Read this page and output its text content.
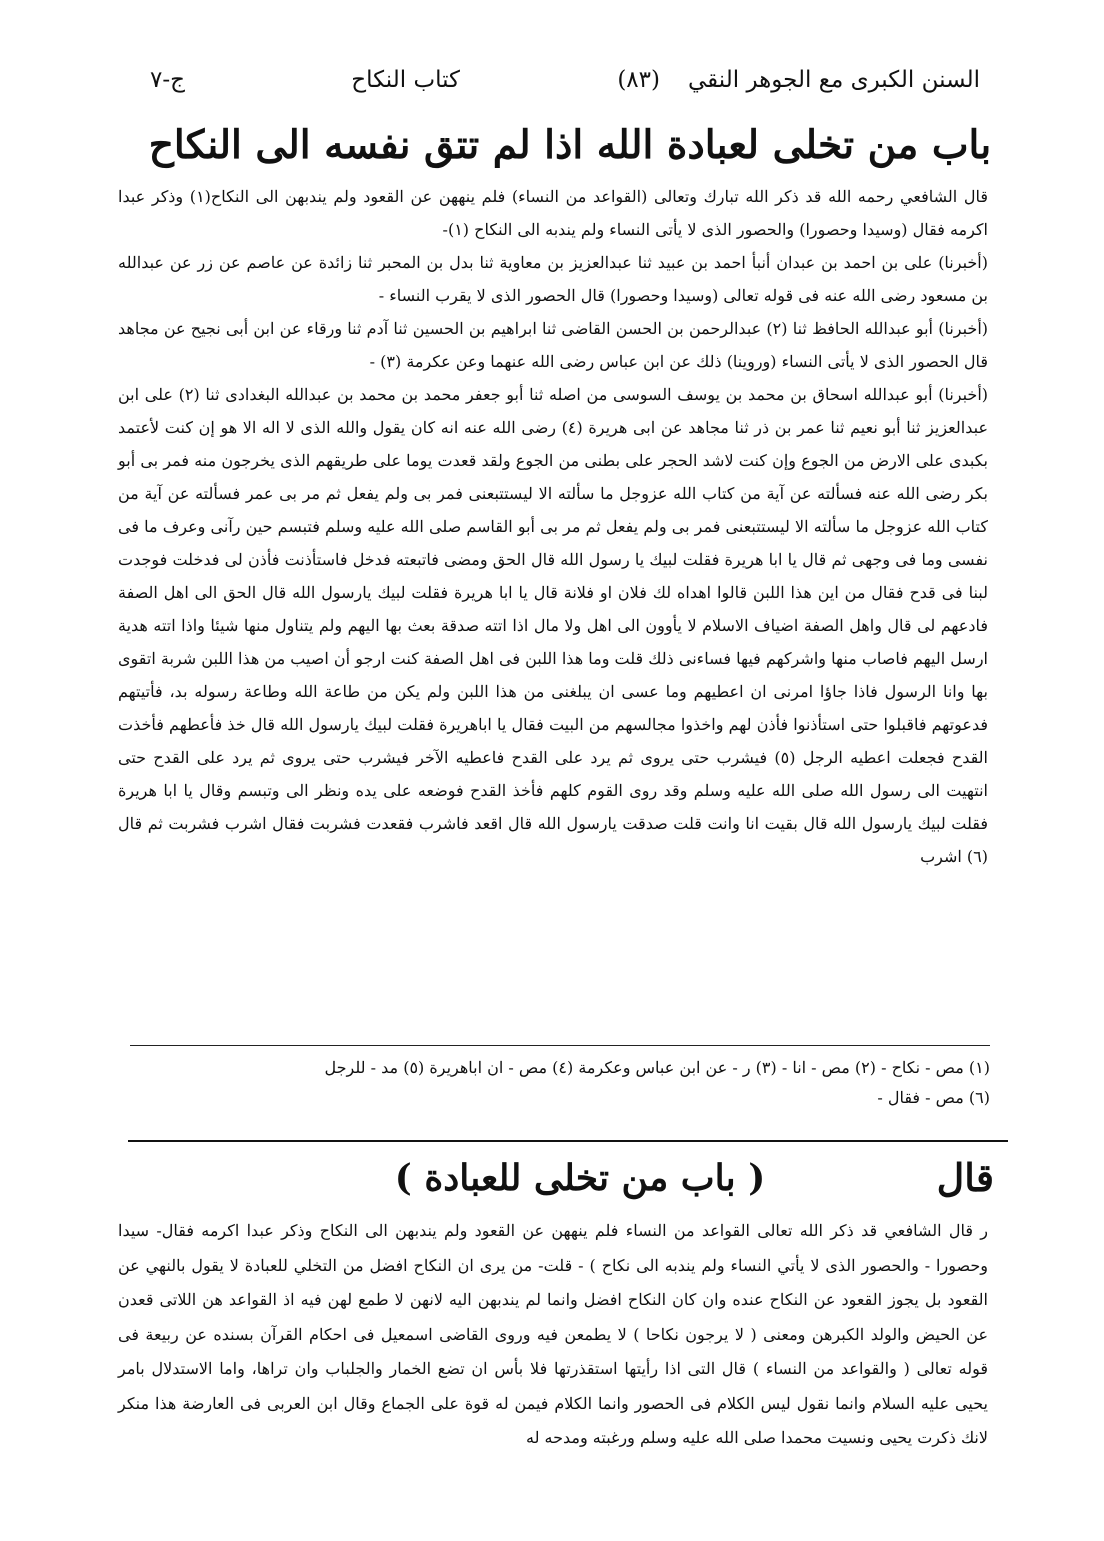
السنن الكبرى مع الجوهر النقي
(٨٣)
كتاب النكاح
ج-٧
باب من تخلى لعبادة الله اذا لم تتق نفسه الى النكاح

قال الشافعي رحمه الله قد ذكر الله تبارك وتعالى (القواعد من النساء) فلم ينههن عن القعود ولم يندبهن الى النكاح(١) وذكر عبدا اكرمه فقال (وسيدا وحصورا) والحصور الذى لا يأتى النساء ولم يندبه الى النكاح (١)-

(أخبرنا) على بن احمد بن عبدان أنبأ احمد بن عبيد ثنا عبدالعزيز بن معاوية ثنا بدل بن المحبر ثنا زائدة عن عاصم عن زر عن عبدالله بن مسعود رضى الله عنه فى قوله تعالى (وسيدا وحصورا) قال الحصور الذى لا يقرب النساء -

(أخبرنا) أبو عبدالله الحافظ ثنا (٢) عبدالرحمن بن الحسن القاضى ثنا ابراهيم بن الحسين ثنا آدم ثنا ورقاء عن ابن أبى نجيح عن مجاهد قال الحصور الذى لا يأتى النساء (وروينا) ذلك عن ابن عباس رضى الله عنهما وعن عكرمة (٣) -

(أخبرنا) أبو عبدالله اسحاق بن محمد بن يوسف السوسى من اصله ثنا أبو جعفر محمد بن محمد بن عبدالله البغدادى ثنا (٢) على ابن عبدالعزيز ثنا أبو نعيم ثنا عمر بن ذر ثنا مجاهد عن ابى هريرة (٤) رضى الله عنه انه كان يقول والله الذى لا اله الا هو إن كنت لأعتمد بكبدى على الارض من الجوع وإن كنت لاشد الحجر على بطنى من الجوع ولقد قعدت يوما على طريقهم الذى يخرجون منه فمر بى أبو بكر رضى الله عنه فسألته عن آية من كتاب الله عزوجل ما سألته الا ليستتبعنى فمر بى ولم يفعل ثم مر بى عمر فسألته عن آية من كتاب الله عزوجل ما سألته الا ليستتبعنى فمر بى ولم يفعل ثم مر بى أبو القاسم صلى الله عليه وسلم فتبسم حين رآنى وعرف ما فى نفسى وما فى وجهى ثم قال يا ابا هريرة فقلت لبيك يا رسول الله قال الحق ومضى فاتبعته فدخل فاستأذنت فأذن لى فدخلت فوجدت لبنا فى قدح فقال من اين هذا اللبن قالوا اهداه لك فلان او فلانة قال يا ابا هريرة فقلت لبيك يارسول الله قال الحق الى اهل الصفة فادعهم لى قال واهل الصفة اضياف الاسلام لا يأوون الى اهل ولا مال اذا اتته صدقة بعث بها اليهم ولم يتناول منها شيئا واذا اتته هدية ارسل اليهم فاصاب منها واشركهم فيها فساءنى ذلك قلت وما هذا اللبن فى اهل الصفة كنت ارجو أن اصيب من هذا اللبن شربة اتقوى بها وانا الرسول فاذا جاؤا امرنى ان اعطيهم وما عسى ان يبلغنى من هذا اللبن ولم يكن من طاعة الله وطاعة رسوله بد، فأتيتهم فدعوتهم فاقبلوا حتى استأذنوا فأذن لهم واخذوا مجالسهم من البيت فقال يا اباهريرة فقلت لبيك يارسول الله قال خذ فأعطهم فأخذت القدح فجعلت اعطيه الرجل (٥) فيشرب حتى يروى ثم يرد على القدح فاعطيه الآخر فيشرب حتى يروى ثم يرد على القدح حتى انتهيت الى رسول الله صلى الله عليه وسلم وقد روى القوم كلهم فأخذ القدح فوضعه على يده ونظر الى وتبسم وقال يا ابا هريرة فقلت لبيك يارسول الله قال بقيت انا وانت قلت صدقت يارسول الله قال اقعد فاشرب فقعدت فشربت فقال اشرب فشربت ثم قال (٦) اشرب

(١) مص - نكاح - (٢) مص - انا - (٣) ر - عن ابن عباس وعكرمة (٤) مص - ان اباهريرة (٥) مد - للرجل
(٦) مص - فقال -
قال
( باب من تخلى للعبادة )

ر قال الشافعي قد ذكر الله تعالى القواعد من النساء فلم ينههن عن القعود ولم يندبهن الى النكاح وذكر عبدا اكرمه فقال- سيدا وحصورا - والحصور الذى لا يأتي النساء ولم يندبه الى نكاح ) - قلت- من يرى ان النكاح افضل من التخلي للعبادة لا يقول بالنهي عن القعود بل يجوز القعود عن النكاح عنده وان كان النكاح افضل وانما لم يندبهن اليه لانهن لا طمع لهن فيه اذ القواعد هن اللاتى قعدن عن الحيض والولد الكبرهن ومعنى ( لا يرجون نكاحا ) لا يطمعن فيه وروى القاضى اسمعيل فى احكام القرآن بسنده عن ربيعة فى قوله تعالى ( والقواعد من النساء ) قال التى اذا رأيتها استقذرتها فلا بأس ان تضع الخمار والجلباب وان تراها، واما الاستدلال بامر يحيى عليه السلام وانما نقول ليس الكلام فى الحصور وانما الكلام فيمن له قوة على الجماع وقال ابن العربى فى العارضة هذا منكر لانك ذكرت يحيى ونسيت محمدا صلى الله عليه وسلم ورغبته ومدحه له
